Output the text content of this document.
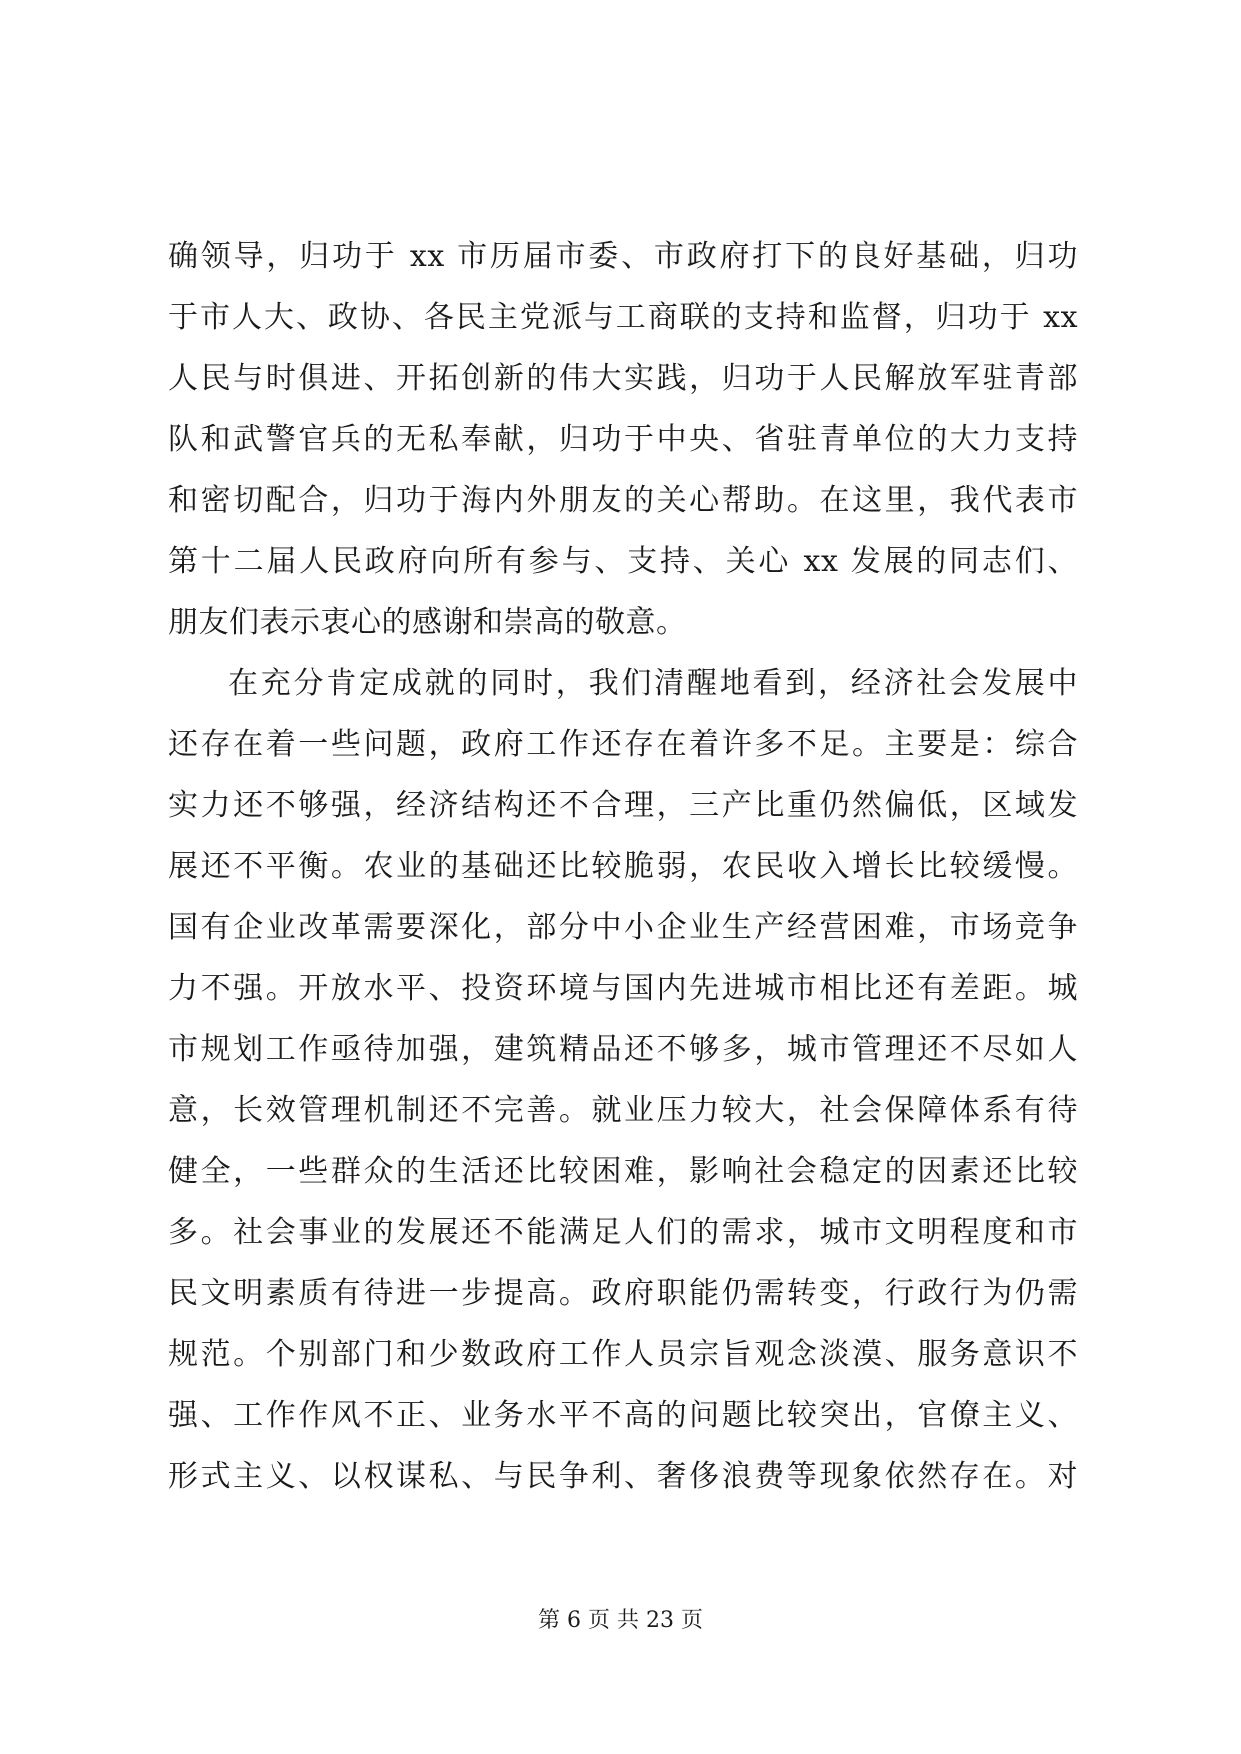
确领导，归功于 xx 市历届市委、市政府打下的良好基础，归功
于市人大、政协、各民主党派与工商联的支持和监督，归功于 xx
人民与时俱进、开拓创新的伟大实践，归功于人民解放军驻青部
队和武警官兵的无私奉献，归功于中央、省驻青单位的大力支持
和密切配合，归功于海内外朋友的关心帮助。在这里，我代表市
第十二届人民政府向所有参与、支持、关心 xx 发展的同志们、
朋友们表示衷心的感谢和崇高的敬意。
在充分肯定成就的同时，我们清醒地看到，经济社会发展中
还存在着一些问题，政府工作还存在着许多不足。主要是：综合
实力还不够强，经济结构还不合理，三产比重仍然偏低，区域发
展还不平衡。农业的基础还比较脆弱，农民收入增长比较缓慢。
国有企业改革需要深化，部分中小企业生产经营困难，市场竞争
力不强。开放水平、投资环境与国内先进城市相比还有差距。城
市规划工作亟待加强，建筑精品还不够多，城市管理还不尽如人
意，长效管理机制还不完善。就业压力较大，社会保障体系有待
健全，一些群众的生活还比较困难，影响社会稳定的因素还比较
多。社会事业的发展还不能满足人们的需求，城市文明程度和市
民文明素质有待进一步提高。政府职能仍需转变，行政行为仍需
规范。个别部门和少数政府工作人员宗旨观念淡漠、服务意识不
强、工作作风不正、业务水平不高的问题比较突出，官僚主义、
形式主义、以权谋私、与民争利、奢侈浪费等现象依然存在。对
第 6 页 共 23 页
